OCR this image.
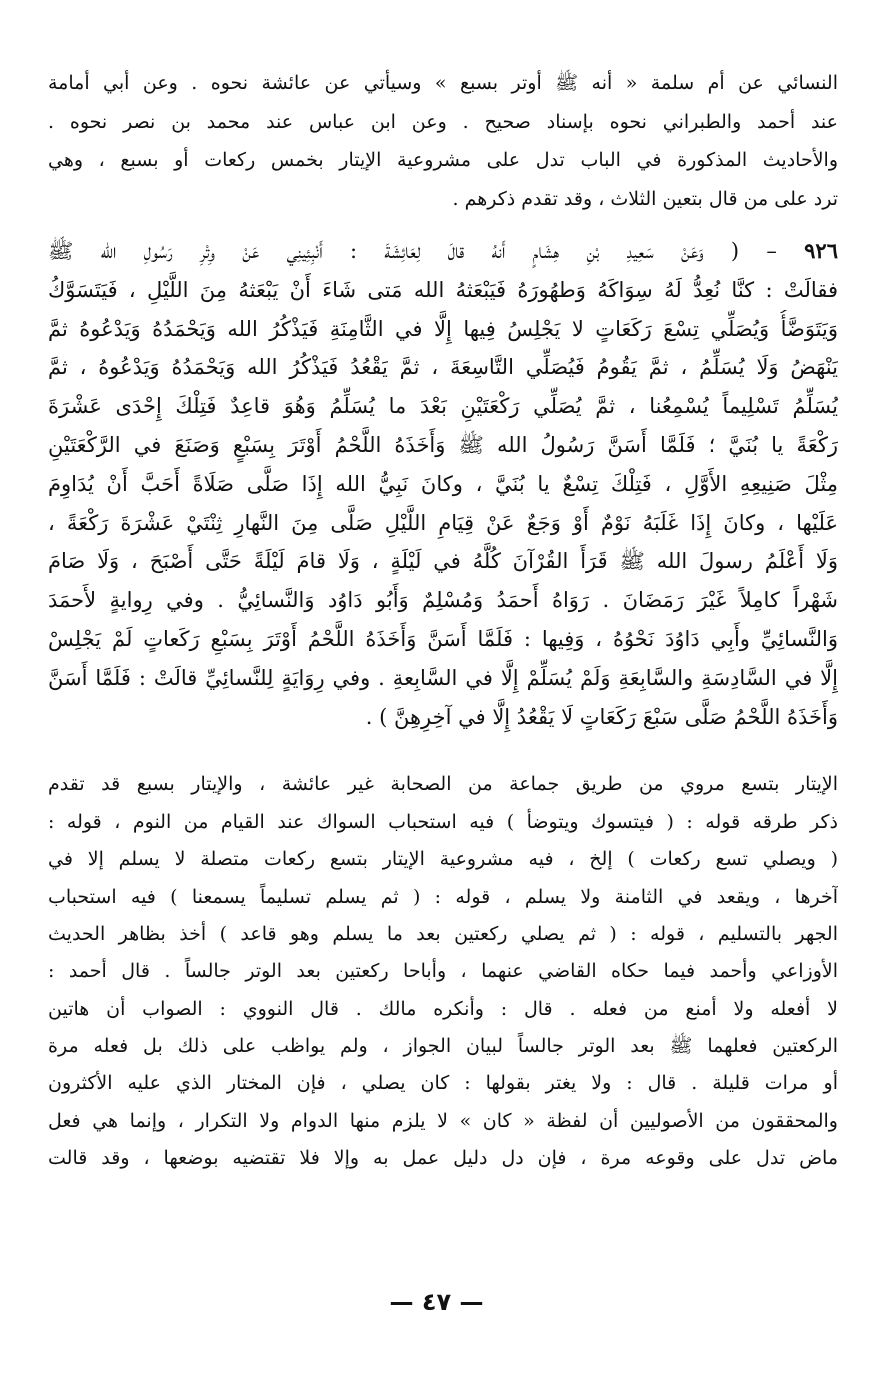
النسائي عن أم سلمة « أنه ﷺ أوتر بسبع » وسيأتي عن عائشة نحوه . وعن أبي أمامة
عند أحمد والطبراني نحوه بإسناد صحيح . وعن ابن عباس عند محمد بن نصر نحوه .
والأحاديث المذكورة في الباب تدل على مشروعية الإيتار بخمس ركعات أو بسبع ، وهي
ترد على من قال بتعين الثلاث ، وقد تقدم ذكرهم .
٩٢٦ – ( وَعَنْ سَعِيدِ بْنِ هِشَامٍ أَنهُ قالَ لِعَائِشَةَ : أَنْبِئِينِي عَنْ وِتْرِ رَسُولِ الله ﷺ
فقالَتْ : كنَّا نُعِدُّ لَهُ سِوَاكَهُ وَطهُورَهُ فَيَبْعَثهُ الله مَتى شَاءَ أَنْ يَبْعَثهُ مِنَ اللَّيْلِ ، فَيَتَسَوَّكُ
وَيَتَوَضَّأُ وَيُصَلِّي تِسْعَ رَكَعَاتٍ لا يَجْلِسُ فِيها إِلَّا في الثَّامِنَةِ فَيَذْكُرُ الله وَيَحْمَدُهُ وَيَدْعُوهُ ثمَّ
يَنْهَضُ وَلَا يُسَلِّمُ ، ثمَّ يَقُومُ فَيُصَلِّي التَّاسِعَةَ ، ثمَّ يَقْعُدُ فَيَذْكُرُ الله وَيَحْمَدُهُ وَيَدْعُوهُ ، ثمَّ
يُسَلِّمُ تَسْلِيماً يُسْمِعُنا ، ثمَّ يُصَلِّي رَكْعَتَيْنِ بَعْدَ ما يُسَلِّمُ وَهُوَ قاعِدٌ فَتِلْكَ إِحْدَى عَشْرَةَ
رَكْعَةً يا بُنَيَّ ؛ فَلَمَّا أَسَنَّ رَسُولُ الله ﷺ وَأَخَذَهُ اللَّحْمُ أَوْتَرَ بِسَبْعٍ وَصَنَعَ في الرَّكْعَتَيْنِ
مِثْلَ صَنِيعِهِ الأَوَّلِ ، فَتِلْكَ تِسْعٌ يا بُنَيَّ ، وكانَ نَبِيُّ الله إِذَا صَلَّى صَلَاةً أَحَبَّ أَنْ يُدَاوِمَ
عَلَيْها ، وكانَ إِذَا غَلَبَهُ نَوْمٌ أَوْ وَجَعٌ عَنْ قِيَامِ اللَّيْلِ صَلَّى مِنَ النَّهارِ ثِنْتَيْ عَشْرَةَ رَكْعَةً ،
وَلَا أَعْلَمُ رسولَ الله ﷺ قَرَأَ القُرْآنَ كُلَّهُ في لَيْلَةٍ ، وَلَا قامَ لَيْلَةً حَتَّى أَصْبَحَ ، وَلَا صَامَ
شَهْراً كامِلاً غَيْرَ رَمَضَانَ . رَوَاهُ أَحمَدُ وَمُسْلِمٌ وَأَبُو دَاوُد وَالنَّسائِيُّ . وفي رِوايةٍ لأَحمَدَ
وَالنَّسائِيِّ وأَبِي دَاوُدَ نَحْوُهُ ، وَفِيها : فَلَمَّا أَسَنَّ وَأَخَذَهُ اللَّحْمُ أَوْتَرَ بِسَبْعِ رَكَعاتٍ لَمْ يَجْلِسْ
إِلَّا في السَّادِسَةِ والسَّابِعَةِ وَلَمْ يُسَلِّمْ إِلَّا في السَّابِعةِ . وفي رِوَايَةٍ لِلنَّسائِيِّ قالَتْ : فَلَمَّا أَسَنَّ
وَأَخَذَهُ اللَّحْمُ صَلَّى سَبْعَ رَكَعَاتٍ لَا يَقْعُدُ إِلَّا في آخِرِهِنَّ ) .
الإيتار بتسع مروي من طريق جماعة من الصحابة غير عائشة ، والإيتار بسبع قد تقدم
ذكر طرقه قوله : ( فيتسوك ويتوضأ ) فيه استحباب السواك عند القيام من النوم ، قوله :
( ويصلي تسع ركعات ) إلخ ، فيه مشروعية الإيتار بتسع ركعات متصلة لا يسلم إلا في
آخرها ، ويقعد في الثامنة ولا يسلم ، قوله : ( ثم يسلم تسليماً يسمعنا ) فيه استحباب
الجهر بالتسليم ، قوله : ( ثم يصلي ركعتين بعد ما يسلم وهو قاعد ) أخذ بظاهر الحديث
الأوزاعي وأحمد فيما حكاه القاضي عنهما ، وأباحا ركعتين بعد الوتر جالساً . قال أحمد :
لا أفعله ولا أمنع من فعله . قال : وأنكره مالك . قال النووي : الصواب أن هاتين
الركعتين فعلهما ﷺ بعد الوتر جالساً لبيان الجواز ، ولم يواظب على ذلك بل فعله مرة
أو مرات قليلة . قال : ولا يغتر بقولها : كان يصلي ، فإن المختار الذي عليه الأكثرون
والمحققون من الأصوليين أن لفظة « كان » لا يلزم منها الدوام ولا التكرار ، وإنما هي فعل
ماض تدل على وقوعه مرة ، فإن دل دليل عمل به وإلا فلا تقتضيه بوضعها ، وقد قالت
— ٤٧ —
